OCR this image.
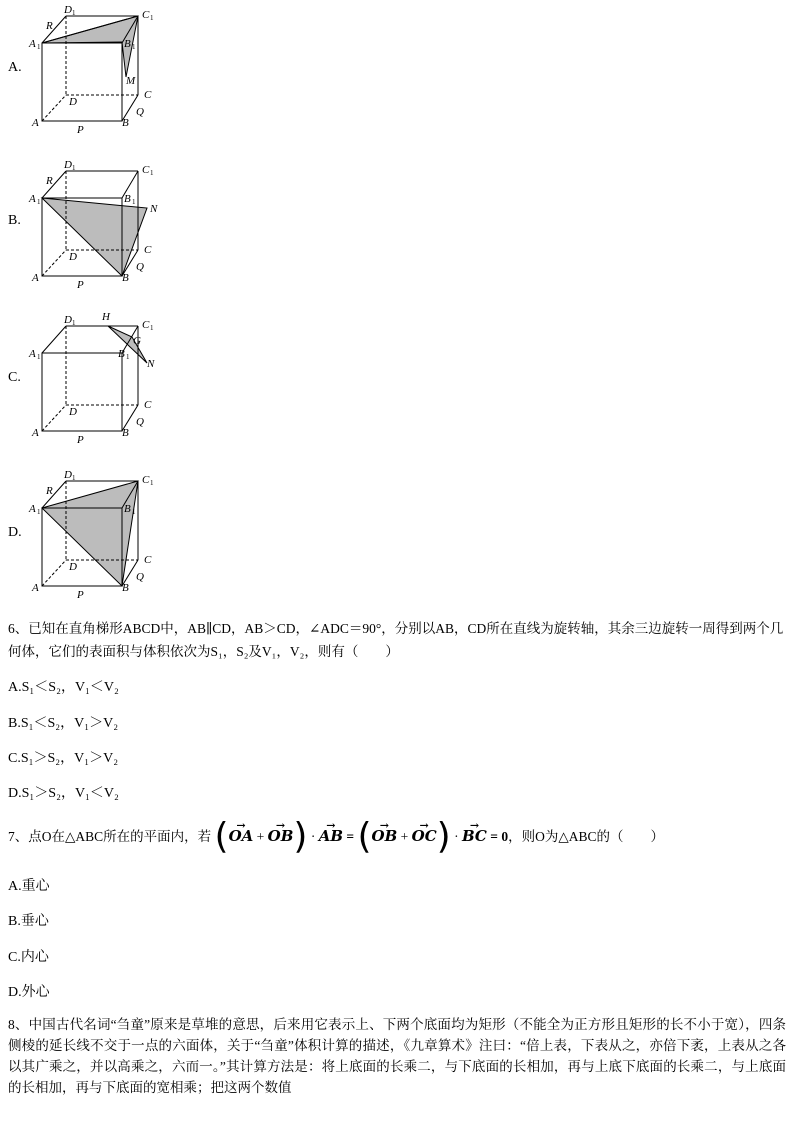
A.
B.
C.
D.
D 1	C 1
R
A 1	B 1
M
D
C
Q
A	B
P
D 1	C 1
R
A 1	B 1
N
D
C
Q
A	B
P
D 1 H
C 1
G
A 1	B 1
N
D
C
Q
A	B
P
D 1	C 1
R
A 1	B 1
D
C
Q
A	B
P
6、已知在直角梯形ABCD中，AB∥CD，AB＞CD，∠ADC＝90°，分别以AB，CD所在直线为旋转轴，其余三边旋转一周得到两个几何体，它们的表面积与体积依次为S₁，S₂及V₁，V₂，则有（　　）
A.S₁＜S₂，V₁＜V₂
B.S₁＜S₂，V₁＞V₂
C.S₁＞S₂，V₁＞V₂
D.S₁＞S₂，V₁＜V₂
7、点O在△ABC所在的平面内，若 (→ OA + → OB) · → AB = (→ OB + → OC) · → BC = 0，则O为△ABC的（　　）
A.重心
B.垂心
C.内心
D.外心
8、中国古代名词“刍童”原来是草堆的意思，后来用它表示上、下两个底面均为矩形（不能全为正方形且矩形的长不小于宽），四条侧棱的延长线不交于一点的六面体，关于“刍童”体积计算的描述，《九章算术》注曰：“倍上表，下表从之，亦倍下袤，上表从之各以其广乘之，并以高乘之，六而一。”其计算方法是：将上底面的长乘二，与下底面的长相加，再与上底下底面的长乘二，与上底面的长相加，再与下底面的宽相乘；把这两个数值
